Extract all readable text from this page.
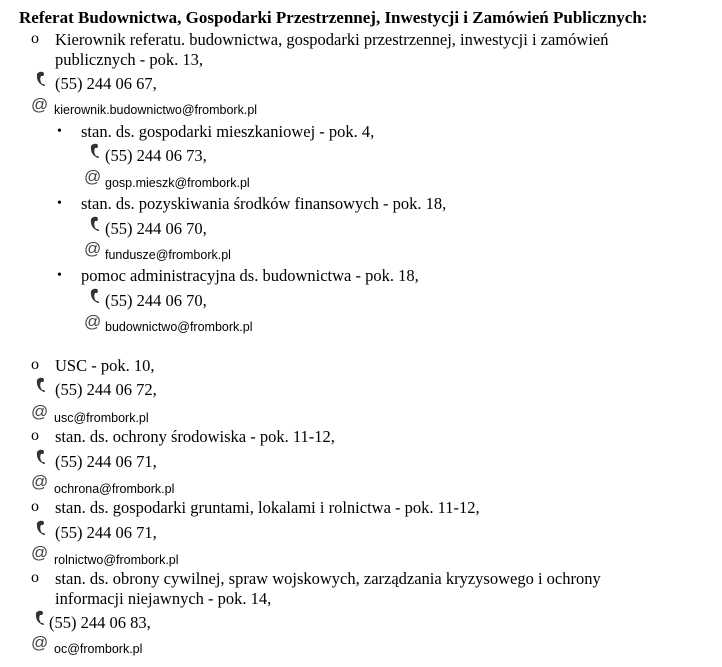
Referat Budownictwa, Gospodarki Przestrzennej, Inwestycji i Zamówień Publicznych:
o Kierownik referatu. budownictwa, gospodarki przestrzennej, inwestycji i zamówień
publicznych - pok. 13,
(55) 244 06 67,
@ kierownik.budownictwo@frombork.pl
• stan. ds. gospodarki mieszkaniowej - pok. 4,
(55) 244 06 73,
@ gosp.mieszk@frombork.pl
• stan. ds. pozyskiwania środków finansowych - pok. 18,
(55) 244 06 70,
@ fundusze@frombork.pl
• pomoc administracyjna ds. budownictwa - pok. 18,
(55) 244 06 70,
@ budownictwo@frombork.pl
o USC - pok. 10,
(55) 244 06 72,
@ usc@frombork.pl
o stan. ds. ochrony środowiska - pok. 11-12,
(55) 244 06 71,
@ ochrona@frombork.pl
o stan. ds. gospodarki gruntami, lokalami i rolnictwa - pok. 11-12,
(55) 244 06 71,
@ rolnictwo@frombork.pl
o stan. ds. obrony cywilnej, spraw wojskowych, zarządzania kryzysowego i ochrony
informacji niejawnych - pok. 14,
(55) 244 06 83,
@ oc@frombork.pl
